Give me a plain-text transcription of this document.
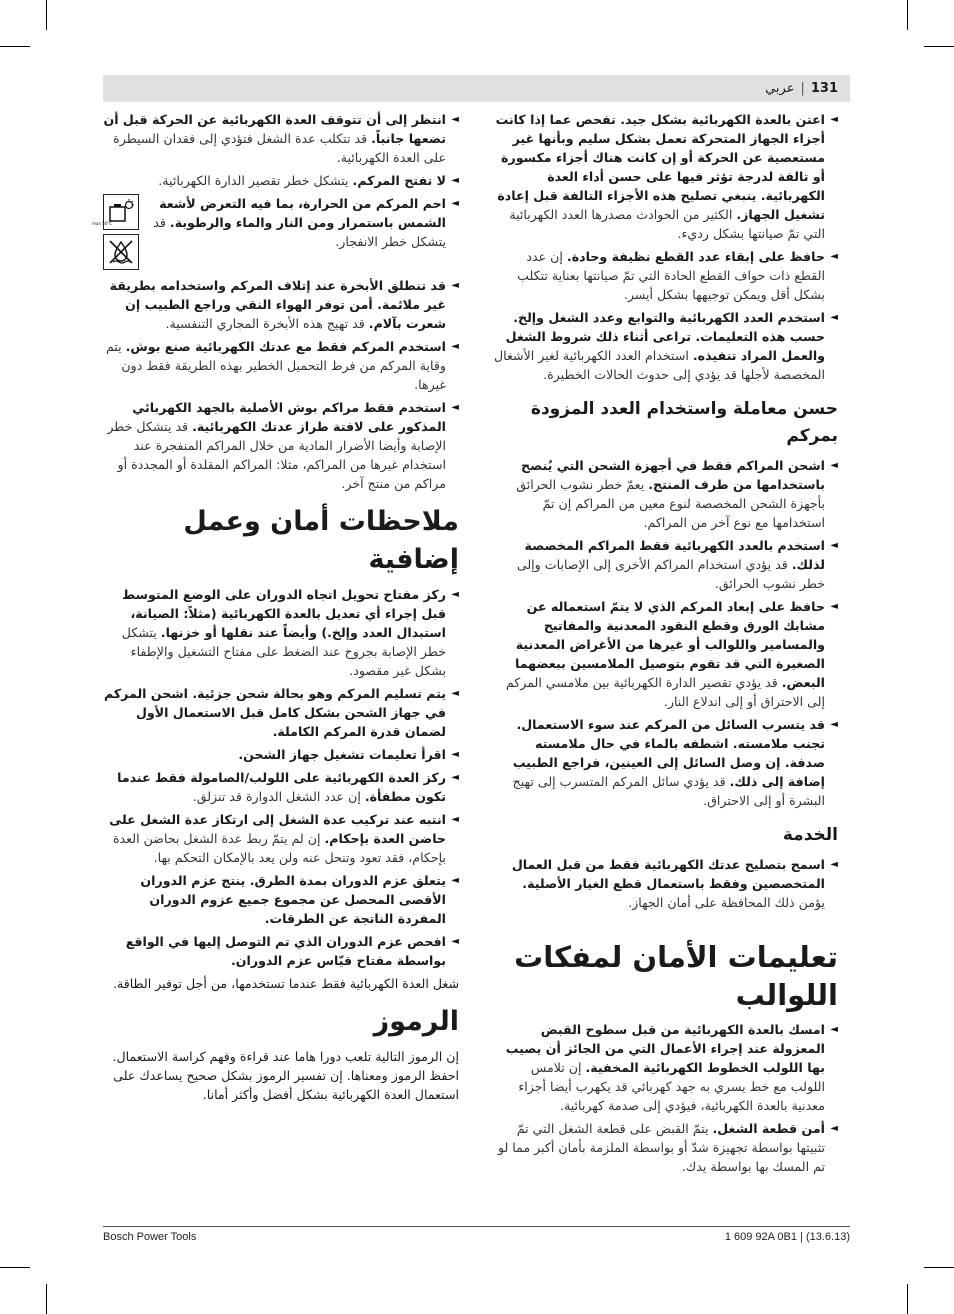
131
|
عربي
◄ اعتن بالعدة الكهربائية بشكل جيد. تفحص عما إذا كانت أجزاء الجهاز المتحركة تعمل بشكل سليم وبأنها غير مستعصية عن الحركة أو إن كانت هناك أجزاء مكسورة أو تالفة لدرجة تؤثر فيها على حسن أداء العدة الكهربائية. ينبغي تصليح هذه الأجزاء التالفة قبل إعادة تشغيل الجهاز. الكثير من الحوادث مصدرها العدد الكهربائية التي تمّ صيانتها بشكل رديء.
◄ حافظ على إبقاء عدد القطع نظيفة وحادة. إن عدد القطع ذات حواف القطع الحادة التي تمّ صيانتها بعناية تتكلب بشكل أقل ويمكن توجيهها بشكل أيسر.
◄ استخدم العدد الكهربائية والتوابع وعدد الشغل وإلخ. حسب هذه التعليمات. تراعى أثناء ذلك شروط الشغل والعمل المراد تنفيذه. استخدام العدد الكهربائية لغير الأشغال المخصصة لأجلها قد يؤدي إلى حدوث الحالات الخطيرة.
حسن معاملة واستخدام العدد المزودة بمركم
◄ اشحن المراكم فقط في أجهزة الشحن التي يُنصح باستخدامها من طرف المنتج. يعمّ خطر نشوب الحرائق بأجهزة الشحن المخصصة لنوع معين من المراكم إن تمّ استخدامها مع نوع آخر من المراكم.
◄ استخدم بالعدد الكهربائية فقط المراكم المخصصة لذلك. قد يؤدي استخدام المراكم الأخرى إلى الإصابات وإلى خطر نشوب الحرائق.
◄ حافظ على إبعاد المركم الذي لا يتمّ استعماله عن مشابك الورق وقطع النقود المعدنية والمفاتيح والمسامير واللوالب أو غيرها من الأغراض المعدنية الصغيرة التي قد تقوم بتوصيل الملامسين ببعضهما البعض. قد يؤدي تقصير الدارة الكهربائية بين ملامسي المركم إلى الاحتراق أو إلى اندلاع النار.
◄ قد يتسرب السائل من المركم عند سوء الاستعمال. تجنب ملامسته. اشطفه بالماء في حال ملامسته صدفة. إن وصل السائل إلى العينين، فراجع الطبيب إضافة إلى ذلك. قد يؤدي سائل المركم المتسرب إلى تهيج البشرة أو إلى الاحتراق.
الخدمة
◄ اسمح بتصليح عدتك الكهربائية فقط من قبل العمال المتخصصين وفقط باستعمال قطع الغيار الأصلية. يؤمن ذلك المحافظة على أمان الجهاز.
تعليمات الأمان لمفكات اللوالب
◄ امسك بالعدة الكهربائية من قبل سطوح القبض المعزولة عند إجراء الأعمال التي من الجائز أن يصيب بها اللولب الخطوط الكهربائية المخفية. إن تلامس اللولب مع خط يسري به جهد كهربائي قد يكهرب أيضا أجزاء معدنية بالعدة الكهربائية، فيؤدي إلى صدمة كهربائية.
◄ أمن قطعة الشغل. يتمّ القبض على قطعة الشغل التي تمّ تثبيتها بواسطة تجهيزة شدّ أو بواسطة الملزمة بأمان أكبر مما لو تم المسك بها بواسطة يدك.
◄ انتظر إلى أن تتوقف العدة الكهربائية عن الحركة قبل أن تضعها جانباً. قد تتكلب عدة الشغل فتؤدي إلى فقدان السيطرة على العدة الكهربائية.
◄ لا تفتح المركم. يتشكل خطر تقصير الدارة الكهربائية.
◄ احم المركم من الحرارة، بما فيه التعرض لأشعة الشمس باستمرار ومن النار والماء والرطوبة. قد يتشكل خطر الانفجار.
max 50°C
◄ قد تنطلق الأبخرة عند إتلاف المركم واستخدامه بطريقة غير ملائمة. أمن توفر الهواء النقي وراجع الطبيب إن شعرت بآلام. قد تهيج هذه الأبخرة المجاري التنفسية.
◄ استخدم المركم فقط مع عدتك الكهربائية صنع بوش. يتم وقاية المركم من فرط التحميل الخطير بهذه الطريقة فقط دون غيرها.
◄ استخدم فقط مراكم بوش الأصلية بالجهد الكهربائي المذكور على لافتة طراز عدتك الكهربائية. قد يتشكل خطر الإصابة وأيضا الأضرار المادية من خلال المراكم المنفجرة عند استخدام غيرها من المراكم، مثلا: المراكم المقلدة أو المجددة أو مراكم من منتج آخر.
ملاحظات أمان وعمل إضافية
◄ ركز مفتاح تحويل اتجاه الدوران على الوضع المتوسط قبل إجراء أي تعديل بالعدة الكهربائية (مثلاً: الصيانة، استبدال العدد وإلخ.) وأيضاً عند نقلها أو خزنها. يتشكل خطر الإصابة بجروح عند الضغط على مفتاح التشغيل والإطفاء بشكل غير مقصود.
◄ يتم تسليم المركم وهو بحالة شحن جزئية. اشحن المركم في جهاز الشحن بشكل كامل قبل الاستعمال الأول لضمان قدرة المركم الكاملة.
◄ اقرأ تعليمات تشغيل جهاز الشحن.
◄ ركز العدة الكهربائية على اللولب/الصامولة فقط عندما تكون مطفأة. إن عدد الشغل الدوارة قد تنزلق.
◄ انتبه عند تركيب عدة الشغل إلى ارتكاز عدة الشغل على حاضن العدة بإحكام. إن لم يتمّ ربط عدة الشغل بحاضن العدة بإحكام، فقد تعود وتنحل عنه ولن يعد بالإمكان التحكم بها.
◄ يتعلق عزم الدوران بمدة الطرق. ينتج عزم الدوران الأقصى المحصل عن مجموع جميع عزوم الدوران المفردة الناتجة عن الطرقات.
◄ افحص عزم الدوران الذي تم التوصل إليها في الواقع بواسطة مفتاح قيّاس عزم الدوران.
شغل العدة الكهربائية فقط عندما تستخدمها، من أجل توفير الطاقة.
الرموز
إن الرموز التالية تلعب دورا هاما عند قراءة وفهم كراسة الاستعمال. احفظ الرموز ومعناها. إن تفسير الرموز بشكل صحيح يساعدك على استعمال العدة الكهربائية بشكل أفضل وأكثر أمانا.
Bosch Power Tools	1 609 92A 0B1 | (13.6.13)
